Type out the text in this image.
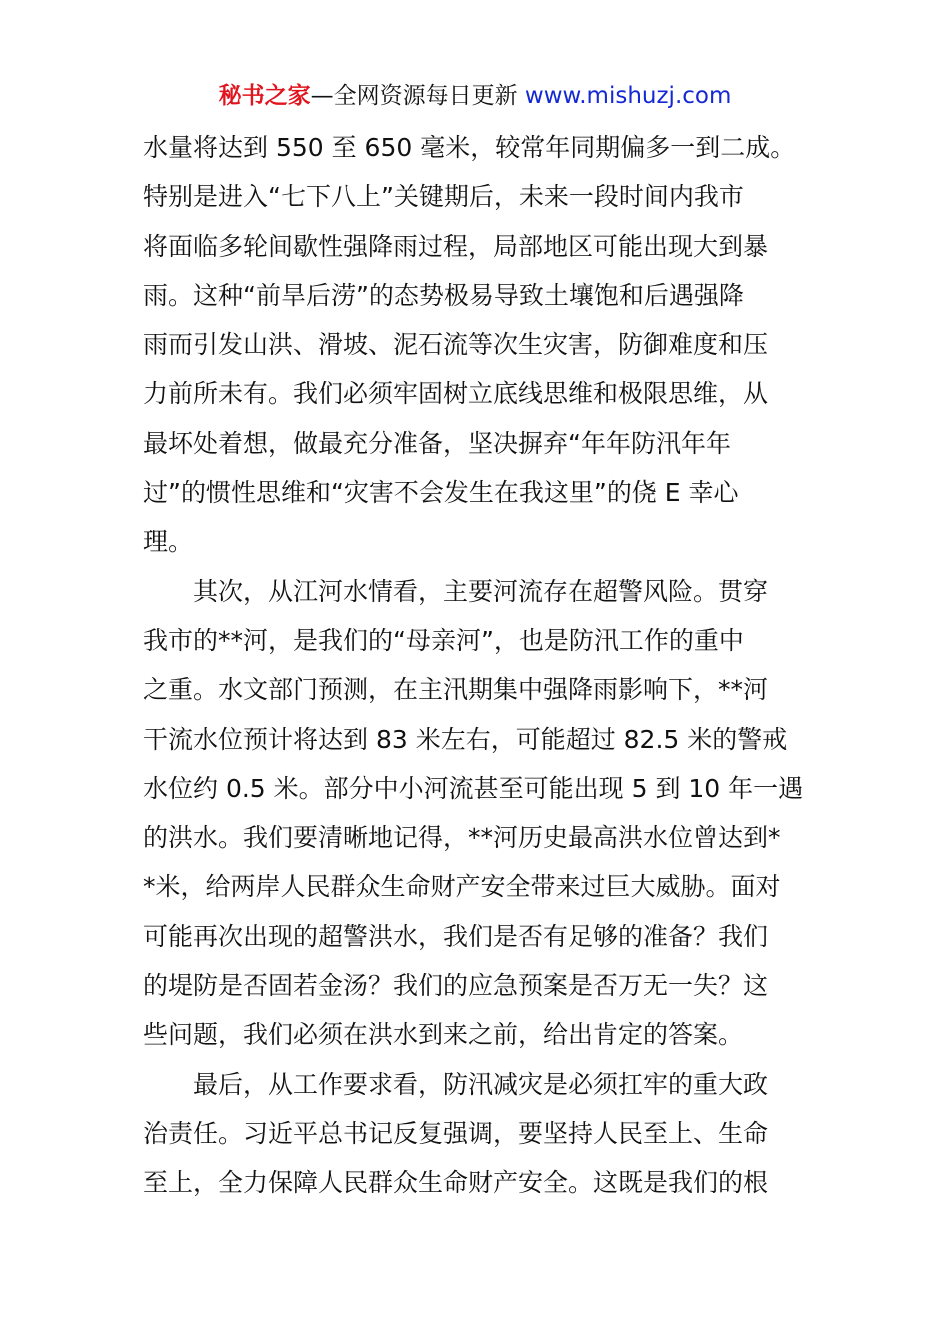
秘书之家—全网资源每日更新 www.mishuzj.com
水量将达到 550 至 650 毫米，较常年同期偏多一到二成。
特别是进入“七下八上”关键期后，未来一段时间内我市
将面临多轮间歇性强降雨过程，局部地区可能出现大到暴
雨。这种“前旱后涝”的态势极易导致土壤饱和后遇强降
雨而引发山洪、滑坡、泥石流等次生灾害，防御难度和压
力前所未有。我们必须牢固树立底线思维和极限思维，从
最坏处着想，做最充分准备，坚决摒弃“年年防汛年年
过”的惯性思维和“灾害不会发生在我这里”的侥 E 幸心
理。
其次，从江河水情看，主要河流存在超警风险。贯穿
我市的**河，是我们的“母亲河”，也是防汛工作的重中
之重。水文部门预测，在主汛期集中强降雨影响下，**河
干流水位预计将达到 83 米左右，可能超过 82.5 米的警戒
水位约 0.5 米。部分中小河流甚至可能出现 5 到 10 年一遇
的洪水。我们要清晰地记得，**河历史最高洪水位曾达到*
*米，给两岸人民群众生命财产安全带来过巨大威胁。面对
可能再次出现的超警洪水，我们是否有足够的准备？我们
的堤防是否固若金汤？我们的应急预案是否万无一失？这
些问题，我们必须在洪水到来之前，给出肯定的答案。
最后，从工作要求看，防汛减灾是必须扛牢的重大政
治责任。习近平总书记反复强调，要坚持人民至上、生命
至上，全力保障人民群众生命财产安全。这既是我们的根
